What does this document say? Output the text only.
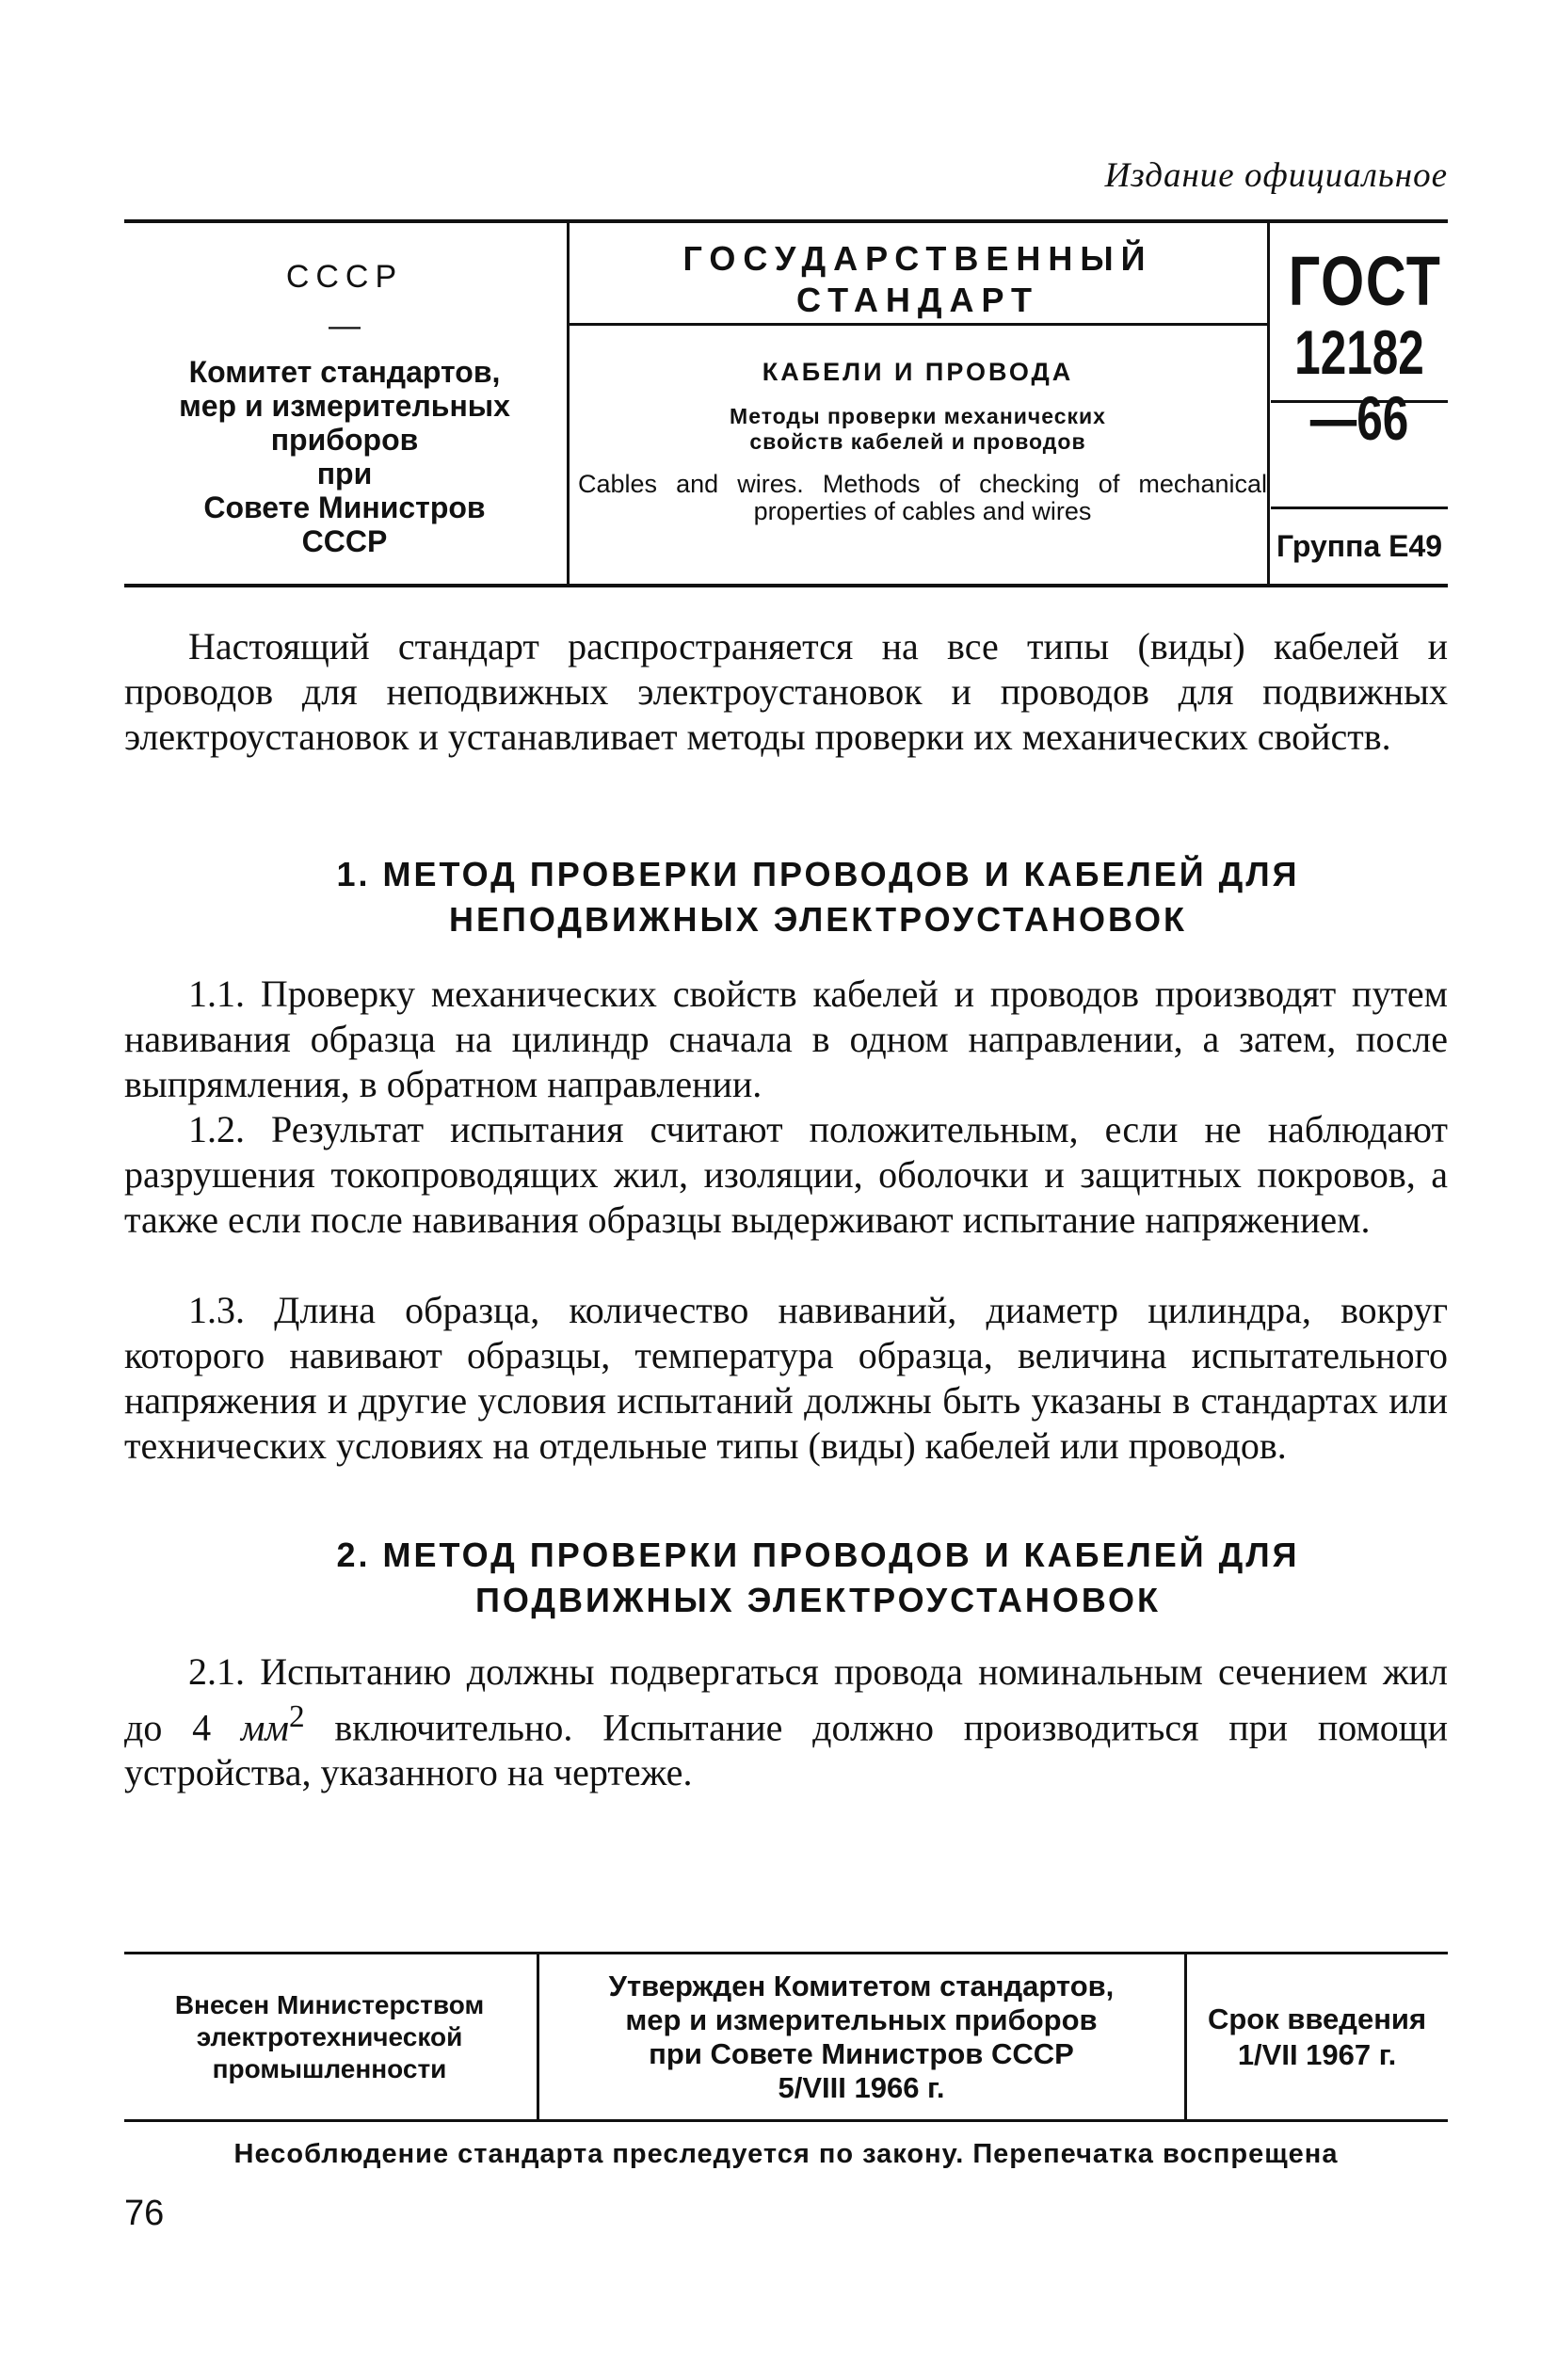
Издание официальное
СССР
—
Комитет стандартов,
мер и измерительных
приборов
при
Совете Министров
СССР
ГОСУДАРСТВЕННЫЙ
СТАНДАРТ
КАБЕЛИ И ПРОВОДА
Методы проверки механических
свойств кабелей и проводов
Cables and wires. Methods of checking of mechanical properties of cables and wires
ГОСТ
12182—66
Группа Е49
Настоящий стандарт распространяется на все типы (виды) кабелей и проводов для неподвижных электроустановок и проводов для подвижных электроустановок и устанавливает методы проверки их механических свойств.
1. МЕТОД ПРОВЕРКИ ПРОВОДОВ И КАБЕЛЕЙ ДЛЯ
НЕПОДВИЖНЫХ ЭЛЕКТРОУСТАНОВОК
1.1. Проверку механических свойств кабелей и проводов производят путем навивания образца на цилиндр сначала в одном направлении, а затем, после выпрямления, в обратном направлении.
1.2. Результат испытания считают положительным, если не наблюдают разрушения токопроводящих жил, изоляции, оболочки и защитных покровов, а также если после навивания образцы выдерживают испытание напряжением.
1.3. Длина образца, количество навиваний, диаметр цилиндра, вокруг которого навивают образцы, температура образца, величина испытательного напряжения и другие условия испытаний должны быть указаны в стандартах или технических условиях на отдельные типы (виды) кабелей или проводов.
2. МЕТОД ПРОВЕРКИ ПРОВОДОВ И КАБЕЛЕЙ ДЛЯ
ПОДВИЖНЫХ ЭЛЕКТРОУСТАНОВОК
2.1. Испытанию должны подвергаться провода номинальным сечением жил до 4 $мм^2$ включительно. Испытание должно производиться при помощи устройства, указанного на чертеже.
Внесен Министерством
электротехнической
промышленности
Утвержден Комитетом стандартов,
мер и измерительных приборов
при Совете Министров СССР
5/VIII 1966 г.
Срок введения
1/VII 1967 г.
Несоблюдение стандарта преследуется по закону. Перепечатка воспрещена
76
